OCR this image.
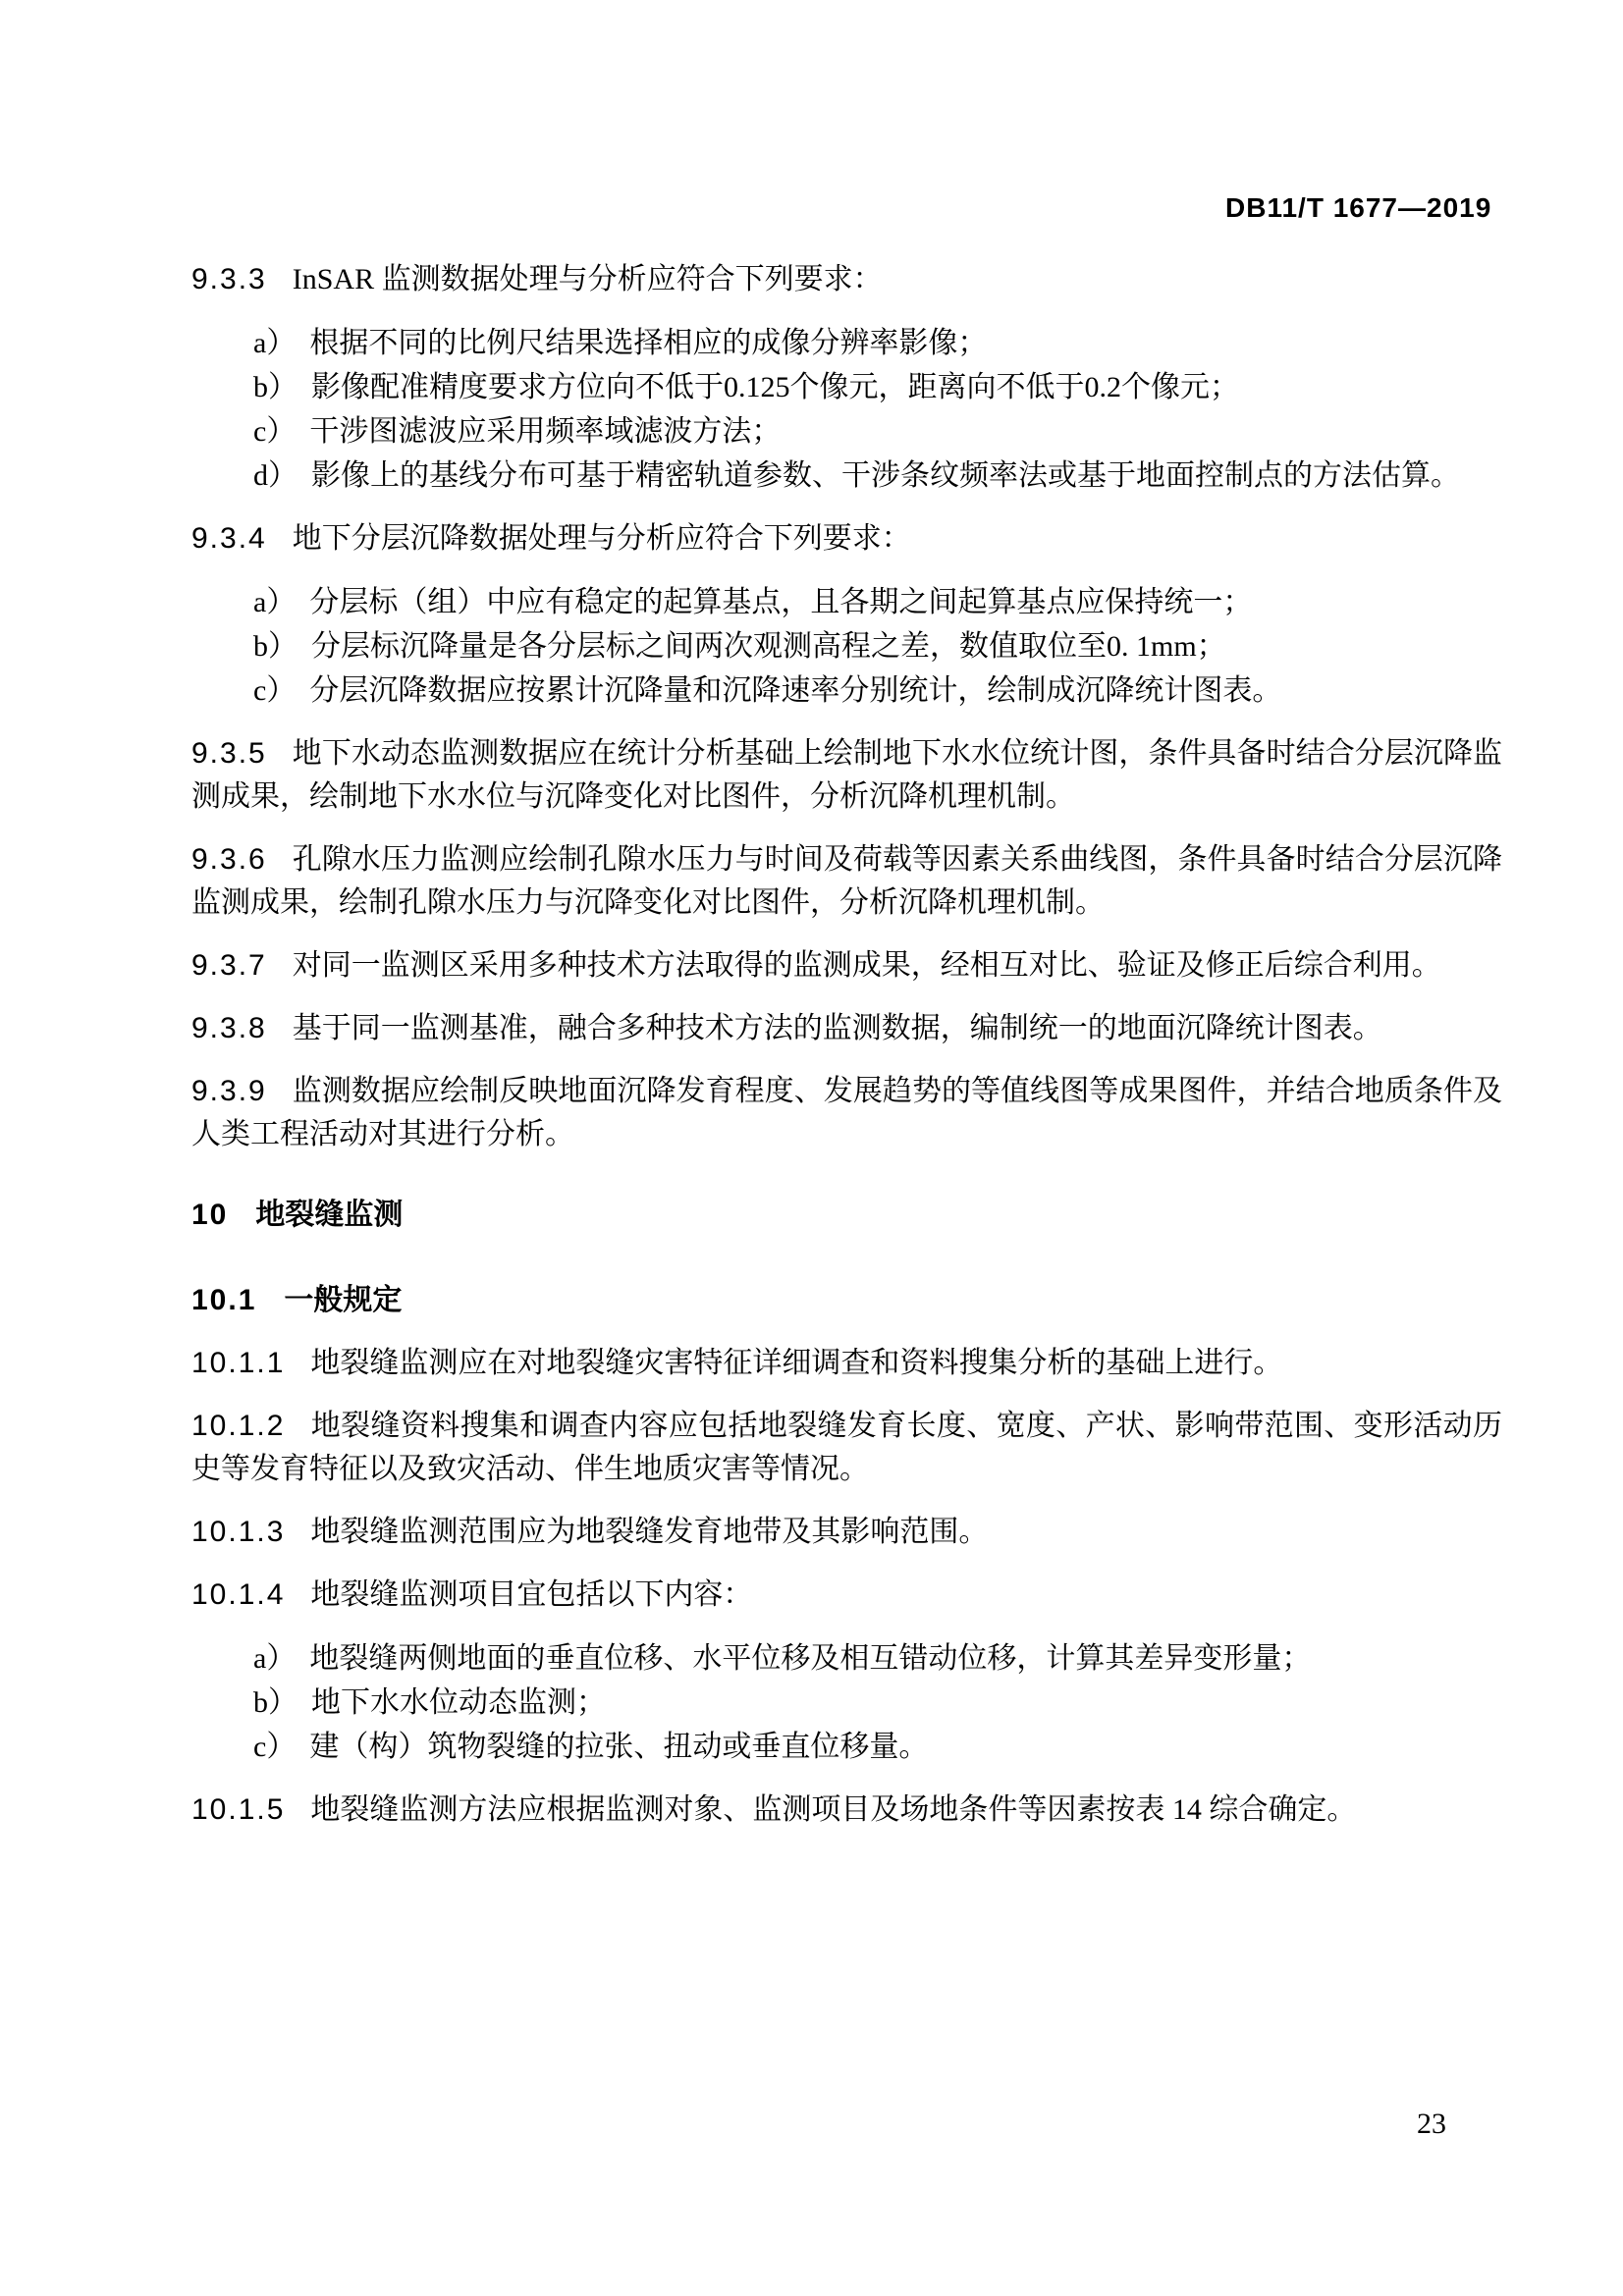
DB11/T 1677—2019
9.3.3 InSAR 监测数据处理与分析应符合下列要求：
a） 根据不同的比例尺结果选择相应的成像分辨率影像；
b） 影像配准精度要求方位向不低于0.125个像元，距离向不低于0.2个像元；
c） 干涉图滤波应采用频率域滤波方法；
d） 影像上的基线分布可基于精密轨道参数、干涉条纹频率法或基于地面控制点的方法估算。
9.3.4 地下分层沉降数据处理与分析应符合下列要求：
a） 分层标（组）中应有稳定的起算基点，且各期之间起算基点应保持统一；
b） 分层标沉降量是各分层标之间两次观测高程之差，数值取位至0. 1mm；
c） 分层沉降数据应按累计沉降量和沉降速率分别统计，绘制成沉降统计图表。
9.3.5 地下水动态监测数据应在统计分析基础上绘制地下水水位统计图，条件具备时结合分层沉降监测成果，绘制地下水水位与沉降变化对比图件，分析沉降机理机制。
9.3.6 孔隙水压力监测应绘制孔隙水压力与时间及荷载等因素关系曲线图，条件具备时结合分层沉降监测成果，绘制孔隙水压力与沉降变化对比图件，分析沉降机理机制。
9.3.7 对同一监测区采用多种技术方法取得的监测成果，经相互对比、验证及修正后综合利用。
9.3.8 基于同一监测基准，融合多种技术方法的监测数据，编制统一的地面沉降统计图表。
9.3.9 监测数据应绘制反映地面沉降发育程度、发展趋势的等值线图等成果图件，并结合地质条件及人类工程活动对其进行分析。
10 地裂缝监测
10.1 一般规定
10.1.1 地裂缝监测应在对地裂缝灾害特征详细调查和资料搜集分析的基础上进行。
10.1.2 地裂缝资料搜集和调查内容应包括地裂缝发育长度、宽度、产状、影响带范围、变形活动历史等发育特征以及致灾活动、伴生地质灾害等情况。
10.1.3 地裂缝监测范围应为地裂缝发育地带及其影响范围。
10.1.4 地裂缝监测项目宜包括以下内容：
a） 地裂缝两侧地面的垂直位移、水平位移及相互错动位移，计算其差异变形量；
b） 地下水水位动态监测；
c） 建（构）筑物裂缝的拉张、扭动或垂直位移量。
10.1.5 地裂缝监测方法应根据监测对象、监测项目及场地条件等因素按表 14 综合确定。
23
